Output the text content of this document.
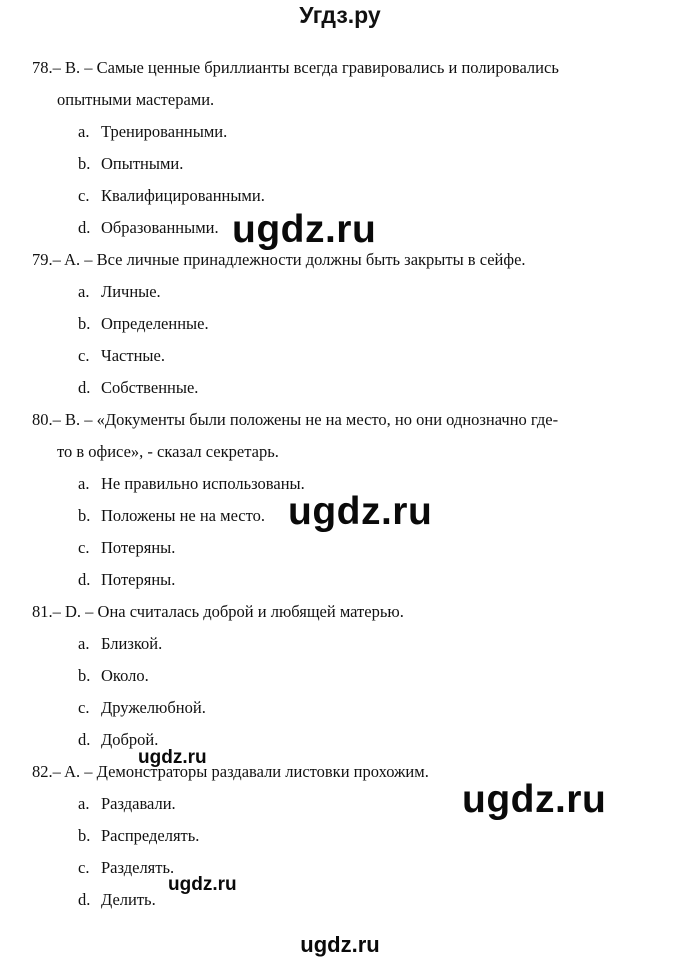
Угдз.ру
78.– B. – Самые ценные бриллианты всегда гравировались и полировались
опытными мастерами.
a. Тренированными.
b. Опытными.
c. Квалифицированными.
d. Образованными.
79.– A. – Все личные принадлежности должны быть закрыты в сейфе.
a. Личные.
b. Определенные.
c. Частные.
d. Собственные.
80.– B. – «Документы были положены не на место, но они однозначно где-
то в офисе», - сказал секретарь.
a. Не правильно использованы.
b. Положены не на место.
c. Потеряны.
d. Потеряны.
81.– D. – Она считалась доброй и любящей матерью.
a. Близкой.
b. Около.
c. Дружелюбной.
d. Доброй.
82.– A. – Демонстраторы раздавали листовки прохожим.
a. Раздавали.
b. Распределять.
c. Разделять.
d. Делить.
ugdz.ru
ugdz.ru
ugdz.ru
ugdz.ru
ugdz.ru
ugdz.ru
